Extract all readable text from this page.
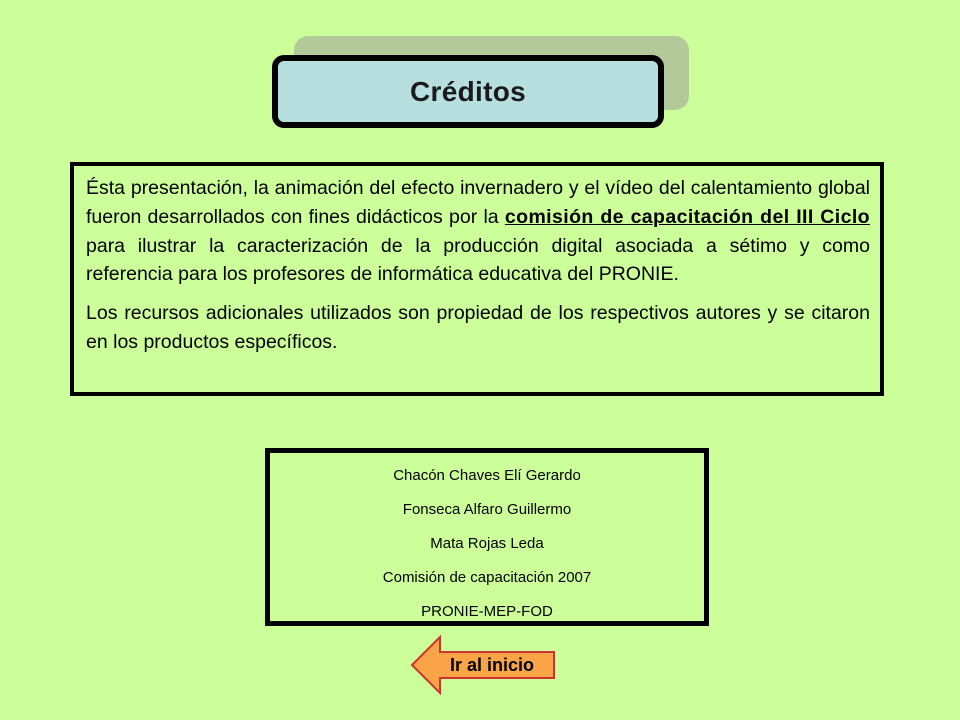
Créditos

Ésta presentación, la animación del efecto invernadero y el vídeo del calentamiento global fueron desarrollados con fines didácticos por la comisión de capacitación del III Ciclo  para ilustrar la caracterización de la producción digital asociada a sétimo y como referencia para los profesores de informática educativa del PRONIE.

Los recursos adicionales utilizados son propiedad de los respectivos autores y se citaron en los productos específicos.

Chacón Chaves Elí Gerardo
Fonseca Alfaro Guillermo
Mata Rojas Leda
Comisión de capacitación 2007
PRONIE-MEP-FOD
Ir al inicio
